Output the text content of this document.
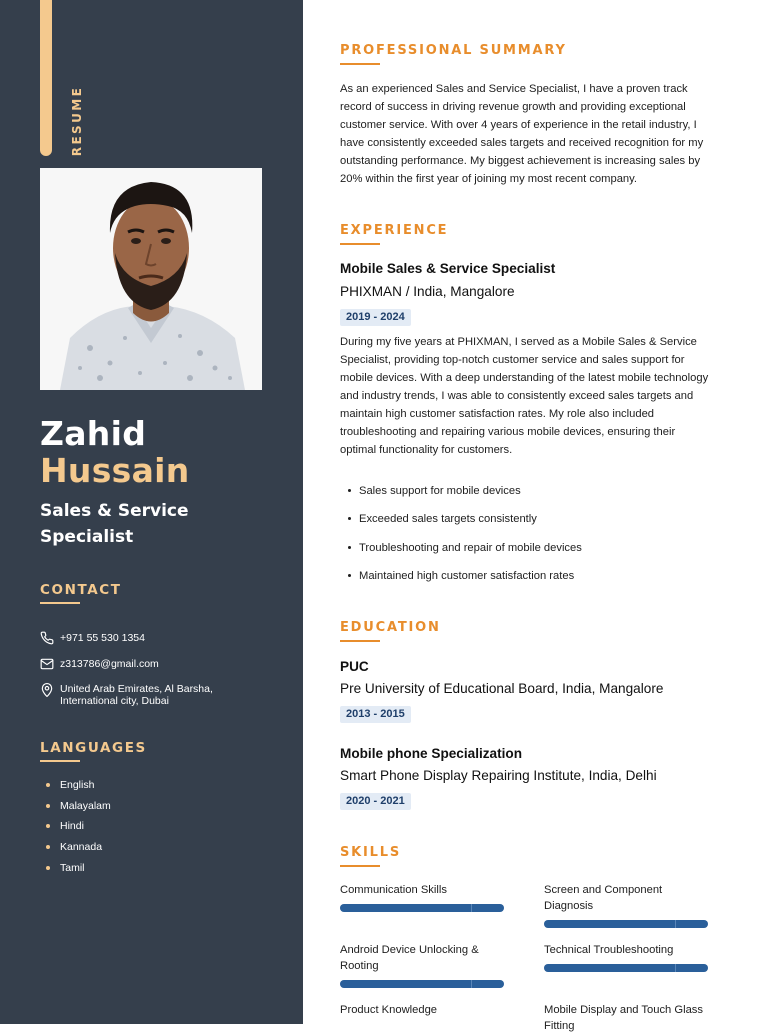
RESUME
Zahid
Hussain
Sales & Service Specialist
CONTACT
+971 55 530 1354
z313786@gmail.com
United Arab Emirates, Al Barsha, International city, Dubai
LANGUAGES
English
Malayalam
Hindi
Kannada
Tamil
PROFESSIONAL SUMMARY
As an experienced Sales and Service Specialist, I have a proven track record of success in driving revenue growth and providing exceptional customer service. With over 4 years of experience in the retail industry, I have consistently exceeded sales targets and received recognition for my outstanding performance. My biggest achievement is increasing sales by 20% within the first year of joining my most recent company.
EXPERIENCE
Mobile Sales & Service Specialist
PHIXMAN / India, Mangalore
2019 - 2024
During my five years at PHIXMAN, I served as a Mobile Sales & Service Specialist, providing top-notch customer service and sales support for mobile devices. With a deep understanding of the latest mobile technology and industry trends, I was able to consistently exceed sales targets and maintain high customer satisfaction rates. My role also included troubleshooting and repairing various mobile devices, ensuring their optimal functionality for customers.
Sales support for mobile devices
Exceeded sales targets consistently
Troubleshooting and repair of mobile devices
Maintained high customer satisfaction rates
EDUCATION
PUC
Pre University of Educational Board, India, Mangalore
2013 - 2015
Mobile phone Specialization
Smart Phone Display Repairing Institute, India, Delhi
2020 - 2021
SKILLS
Communication Skills	Screen and Component Diagnosis
Android Device Unlocking & Rooting
Technical Troubleshooting
Product Knowledge	Mobile Display and Touch Glass Fitting
